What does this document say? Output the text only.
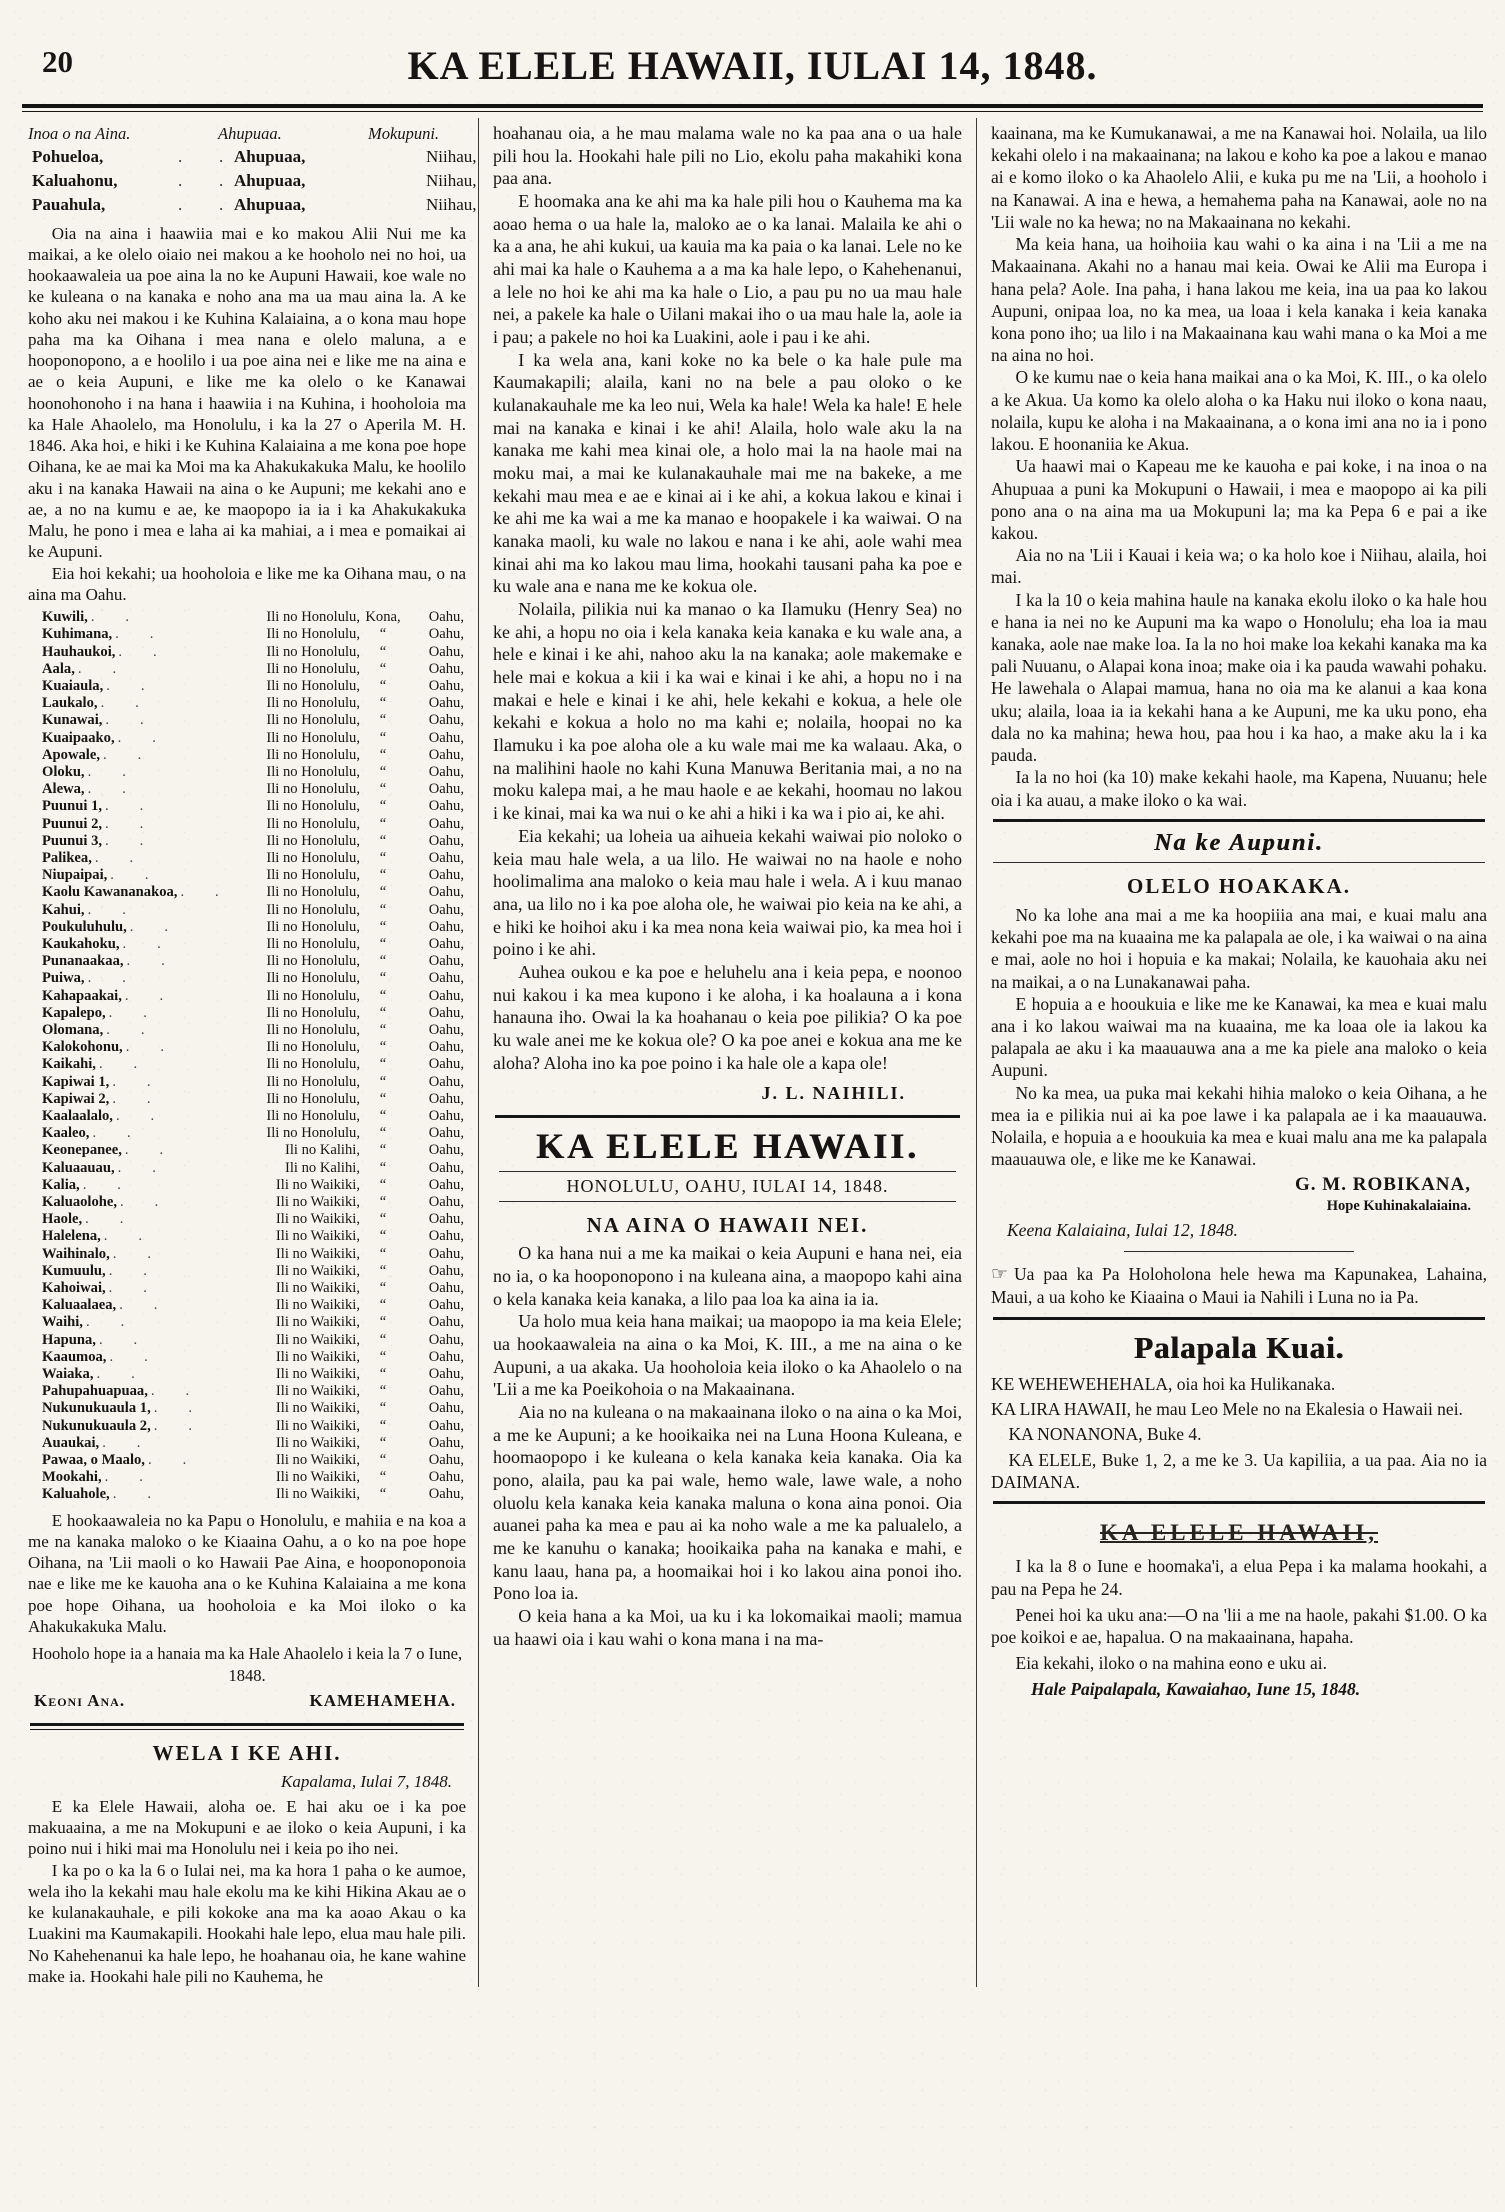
20	KA ELELE HAWAII, IULAI 14, 1848.
Inoa o na Aina.	Ahupuaa.	Mokupuni.
Pohueloa, .   .	Ahupuaa,	Niihau,
Kaluahonu, .   .	Ahupuaa,	Niihau,
Pauahula, .   .	Ahupuaa,	Niihau,

Oia na aina i haawiia mai e ko makou Alii Nui me ka maikai, a ke olelo oiaio nei makou a ke hooholo nei no hoi, ua hookaawaleia ua poe aina la no ke Aupuni Hawaii, koe wale no ke kuleana o na kanaka e noho ana ma ua mau aina la. A ke koho aku nei makou i ke Kuhina Kalaiaina, a o kona mau hope paha ma ka Oihana i mea nana e olelo maluna, a e hooponopono, a e hoolilo i ua poe aina nei e like me na aina e ae o keia Aupuni, e like me ka olelo o ke Kanawai hoonohonoho i na hana i haawiia i na Kuhina, i hooholoia ma ka Hale Ahaolelo, ma Honolulu, i ka la 27 o Aperila M. H. 1846. Aka hoi, e hiki i ke Kuhina Kalaiaina a me kona poe hope Oihana, ke ae mai ka Moi ma ka Ahakukakuka Malu, ke hoolilo aku i na kanaka Hawaii na aina o ke Aupuni; me kekahi ano e ae, a no na kumu e ae, ke maopopo ia ia i ka Ahakukakuka Malu, he pono i mea e laha ai ka mahiai, a i mea e pomaikai ai ke Aupuni.

Eia hoi kekahi; ua hooholoia e like me ka Oihana mau, o na aina ma Oahu.

Kuwili, .   .	Ili no Honolulu, Kona,	Oahu,
Kuhimana, .   .	Ili no Honolulu,	“	Oahu,
Hauhaukoi, .   .	Ili no Honolulu,	“	Oahu,
Aala, .   .	Ili no Honolulu,	“	Oahu,
Kuaiaula, .   .	Ili no Honolulu,	“	Oahu,
Laukalo, .   .	Ili no Honolulu,	“	Oahu,
Kunawai, .   .	Ili no Honolulu,	“	Oahu,
Kuaipaako, .   .	Ili no Honolulu,	“	Oahu,
Apowale, .   .	Ili no Honolulu,	“	Oahu,
Oloku, .   .	Ili no Honolulu,	“	Oahu,
Alewa, .   .	Ili no Honolulu,	“	Oahu,
Puunui 1, .   .	Ili no Honolulu,	“	Oahu,
Puunui 2, .   .	Ili no Honolulu,	“	Oahu,
Puunui 3, .   .	Ili no Honolulu,	“	Oahu,
Palikea, .   .	Ili no Honolulu,	“	Oahu,
Niupaipai, .   .	Ili no Honolulu,	“	Oahu,
Kaolu Kawananakoa, .   .	Ili no Honolulu,	“	Oahu,
Kahui, .   .	Ili no Honolulu,	“	Oahu,
Poukuluhulu, .   .	Ili no Honolulu,	“	Oahu,
Kaukahoku, .   .	Ili no Honolulu,	“	Oahu,
Punanaakaa, .   .	Ili no Honolulu,	“	Oahu,
Puiwa, .   .	Ili no Honolulu,	“	Oahu,
Kahapaakai, .   .	Ili no Honolulu,	“	Oahu,
Kapalepo, .   .	Ili no Honolulu,	“	Oahu,
Olomana, .   .	Ili no Honolulu,	“	Oahu,
Kalokohonu, .   .	Ili no Honolulu,	“	Oahu,
Kaikahi, .   .	Ili no Honolulu,	“	Oahu,
Kapiwai 1, .   .	Ili no Honolulu,	“	Oahu,
Kapiwai 2, .   .	Ili no Honolulu,	“	Oahu,
Kaalaalalo, .   .	Ili no Honolulu,	“	Oahu,
Kaaleo, .   .	Ili no Honolulu,	“	Oahu,
Keonepanee, .   .	Ili no Kalihi,	“	Oahu,
Kaluaauau, .   .	Ili no Kalihi,	“	Oahu,
Kalia, .   .	Ili no Waikiki,	“	Oahu,
Kaluaolohe, .   .	Ili no Waikiki,	“	Oahu,
Haole, .   .	Ili no Waikiki,	“	Oahu,
Halelena, .   .	Ili no Waikiki,	“	Oahu,
Waihinalo, .   .	Ili no Waikiki,	“	Oahu,
Kumuulu, .   .	Ili no Waikiki,	“	Oahu,
Kahoiwai, .   .	Ili no Waikiki,	“	Oahu,
Kaluaalaea, .   .	Ili no Waikiki,	“	Oahu,
Waihi, .   .	Ili no Waikiki,	“	Oahu,
Hapuna, .   .	Ili no Waikiki,	“	Oahu,
Kaaumoa, .   .	Ili no Waikiki,	“	Oahu,
Waiaka, .   .	Ili no Waikiki,	“	Oahu,
Pahupahuapuaa, .   .	Ili no Waikiki,	“	Oahu,
Nukunukuaula 1, .   .	Ili no Waikiki,	“	Oahu,
Nukunukuaula 2, .   .	Ili no Waikiki,	“	Oahu,
Auaukai, .   .	Ili no Waikiki,	“	Oahu,
Pawaa, o Maalo, .   .	Ili no Waikiki,	“	Oahu,
Mookahi, .   .	Ili no Waikiki,	“	Oahu,
Kaluahole, .   .	Ili no Waikiki,	“	Oahu,

E hookaawaleia no ka Papu o Honolulu, e mahiia e na koa a me na kanaka maloko o ke Kiaaina Oahu, a o ko na poe hope Oihana, na 'Lii maoli o ko Hawaii Pae Aina, e hooponoponoia nae e like me ke kauoha ana o ke Kuhina Kalaiaina a me kona poe hope Oihana, ua hooholoia e ka Moi iloko o ka Ahakukakuka Malu.

Hooholo hope ia a hanaia ma ka Hale Ahaolelo i keia la 7 o Iune, 1848.

Keoni Ana.	KAMEHAMEHA.
WELA I KE AHI.

Kapalama, Iulai 7, 1848.

E ka Elele Hawaii, aloha oe. E hai aku oe i ka poe makuaaina, a me na Mokupuni e ae iloko o keia Aupuni, i ka poino nui i hiki mai ma Honolulu nei i keia po iho nei.

I ka po o ka la 6 o Iulai nei, ma ka hora 1 paha o ke aumoe, wela iho la kekahi mau hale ekolu ma ke kihi Hikina Akau ae o ke kulanakauhale, e pili kokoke ana ma ka aoao Akau o ka Luakini ma Kaumakapili. Hookahi hale lepo, elua mau hale pili. No Kahehenanui ka hale lepo, he hoahanau oia, he kane wahine make ia. Hookahi hale pili no Kauhema, he

hoahanau oia, a he mau malama wale no ka paa ana o ua hale pili hou la. Hookahi hale pili no Lio, ekolu paha makahiki kona paa ana.

E hoomaka ana ke ahi ma ka hale pili hou o Kauhema ma ka aoao hema o ua hale la, maloko ae o ka lanai. Malaila ke ahi o ka a ana, he ahi kukui, ua kauia ma ka paia o ka lanai. Lele no ke ahi mai ka hale o Kauhema a a ma ka hale lepo, o Kahehenanui, a lele no hoi ke ahi ma ka hale o Lio, a pau pu no ua mau hale nei, a pakele ka hale o Uilani makai iho o ua mau hale la, aole ia i pau; a pakele no hoi ka Luakini, aole i pau i ke ahi.

I ka wela ana, kani koke no ka bele o ka hale pule ma Kaumakapili; alaila, kani no na bele a pau oloko o ke kulanakauhale me ka leo nui, Wela ka hale! Wela ka hale! E hele mai na kanaka e kinai i ke ahi! Alaila, holo wale aku la na kanaka me kahi mea kinai ole, a holo mai la na haole mai na moku mai, a mai ke kulanakauhale mai me na bakeke, a me kekahi mau mea e ae e kinai ai i ke ahi, a kokua lakou e kinai i ke ahi me ka wai a me ka manao e hoopakele i ka waiwai. O na kanaka maoli, ku wale no lakou e nana i ke ahi, aole wahi mea kinai ahi ma ko lakou mau lima, hookahi tausani paha ka poe e ku wale ana e nana me ke kokua ole.

Nolaila, pilikia nui ka manao o ka Ilamuku (Henry Sea) no ke ahi, a hopu no oia i kela kanaka keia kanaka e ku wale ana, a hele e kinai i ke ahi, nahoo aku la na kanaka; aole makemake e hele mai e kokua a kii i ka wai e kinai i ke ahi, a hopu no i na makai e hele e kinai i ke ahi, hele kekahi e kokua, a hele ole kekahi e kokua a holo no ma kahi e; nolaila, hoopai no ka Ilamuku i ka poe aloha ole a ku wale mai me ka walaau. Aka, o na malihini haole no kahi Kuna Manuwa Beritania mai, a no na moku kalepa mai, a he mau haole e ae kekahi, hoomau no lakou i ke kinai, mai ka wa nui o ke ahi a hiki i ka wa i pio ai, ke ahi.

Eia kekahi; ua loheia ua aihueia kekahi waiwai pio noloko o keia mau hale wela, a ua lilo. He waiwai no na haole e noho hoolimalima ana maloko o keia mau hale i wela. A i kuu manao ana, ua lilo no i ka poe aloha ole, he waiwai pio keia na ke ahi, a e hiki ke hoihoi aku i ka mea nona keia waiwai pio, ka mea hoi i poino i ke ahi.

Auhea oukou e ka poe e heluhelu ana i keia pepa, e noonoo nui kakou i ka mea kupono i ke aloha, i ka hoalauna a i kona hanauna iho. Owai la ka hoahanau o keia poe pilikia? O ka poe ku wale anei me ke kokua ole? O ka poe anei e kokua ana me ke aloha? Aloha ino ka poe poino i ka hale ole a kapa ole!

J. L. NAIHILI.

KA ELELE HAWAII.
HONOLULU, OAHU, IULAI 14, 1848.
NA AINA O HAWAII NEI.

O ka hana nui a me ka maikai o keia Aupuni e hana nei, eia no ia, o ka hooponopono i na kuleana aina, a maopopo kahi aina o kela kanaka keia kanaka, a lilo paa loa ka aina ia ia.

Ua holo mua keia hana maikai; ua maopopo ia ma keia Elele; ua hookaawaleia na aina o ka Moi, K. III., a me na aina o ke Aupuni, a ua akaka. Ua hooholoia keia iloko o ka Ahaolelo o na 'Lii a me ka Poeikohoia o na Makaainana.

Aia no na kuleana o na makaainana iloko o na aina o ka Moi, a me ke Aupuni; a ke hooikaika nei na Luna Hoona Kuleana, e hoomaopopo i ke kuleana o kela kanaka keia kanaka. Oia ka pono, alaila, pau ka pai wale, hemo wale, lawe wale, a noho oluolu kela kanaka keia kanaka maluna o kona aina ponoi. Oia auanei paha ka mea e pau ai ka noho wale a me ka palualelo, a me ke kanuhu o kanaka; hooikaika paha na kanaka e mahi, e kanu laau, hana pa, a hoomaikai hoi i ko lakou aina ponoi iho. Pono loa ia.

O keia hana a ka Moi, ua ku i ka lokomaikai maoli; mamua ua haawi oia i kau wahi o kona mana i na ma-

kaainana, ma ke Kumukanawai, a me na Kanawai hoi. Nolaila, ua lilo kekahi olelo i na makaainana; na lakou e koho ka poe a lakou e manao ai e komo iloko o ka Ahaolelo Alii, e kuka pu me na 'Lii, a hooholo i na Kanawai. A ina e hewa, a hemahema paha na Kanawai, aole no na 'Lii wale no ka hewa; no na Makaainana no kekahi.

Ma keia hana, ua hoihoiia kau wahi o ka aina i na 'Lii a me na Makaainana. Akahi no a hanau mai keia. Owai ke Alii ma Europa i hana pela? Aole. Ina paha, i hana lakou me keia, ina ua paa ko lakou Aupuni, onipaa loa, no ka mea, ua loaa i kela kanaka i keia kanaka kona pono iho; ua lilo i na Makaainana kau wahi mana o ka Moi a me na aina no hoi.

O ke kumu nae o keia hana maikai ana o ka Moi, K. III., o ka olelo a ke Akua. Ua komo ka olelo aloha o ka Haku nui iloko o kona naau, nolaila, kupu ke aloha i na Makaainana, a o kona imi ana no ia i pono lakou. E hoonaniia ke Akua.

Ua haawi mai o Kapeau me ke kauoha e pai koke, i na inoa o na Ahupuaa a puni ka Mokupuni o Hawaii, i mea e maopopo ai ka pili pono ana o na aina ma ua Mokupuni la; ma ka Pepa 6 e pai a ike kakou.

Aia no na 'Lii i Kauai i keia wa; o ka holo koe i Niihau, alaila, hoi mai.

I ka la 10 o keia mahina haule na kanaka ekolu iloko o ka hale hou e hana ia nei no ke Aupuni ma ka wapo o Honolulu; eha loa ia mau kanaka, aole nae make loa. Ia la no hoi make loa kekahi kanaka ma ka pali Nuuanu, o Alapai kona inoa; make oia i ka pauda wawahi pohaku. He lawehala o Alapai mamua, hana no oia ma ke alanui a kaa kona uku; alaila, loaa ia ia kekahi hana a ke Aupuni, me ka uku pono, eha dala no ka mahina; hewa hou, paa hou i ka hao, a make aku la i ka pauda.

Ia la no hoi (ka 10) make kekahi haole, ma Kapena, Nuuanu; hele oia i ka auau, a make iloko o ka wai.

Na ke Aupuni.
OLELO HOAKAKA.

No ka lohe ana mai a me ka hoopiiia ana mai, e kuai malu ana kekahi poe ma na kuaaina me ka palapala ae ole, i ka waiwai o na aina e mai, aole no hoi i hopuia e ka makai; Nolaila, ke kauohaia aku nei na maikai, a o na Lunakanawai paha.

E hopuia a e hooukuia e like me ke Kanawai, ka mea e kuai malu ana i ko lakou waiwai ma na kuaaina, me ka loaa ole ia lakou ka palapala ae aku i ka maauauwa ana a me ka piele ana maloko o keia Aupuni.

No ka mea, ua puka mai kekahi hihia maloko o keia Oihana, a he mea ia e pilikia nui ai ka poe lawe i ka palapala ae i ka maauauwa. Nolaila, e hopuia a e hooukuia ka mea e kuai malu ana me ka palapala maauauwa ole, e like me ke Kanawai.

G. M. ROBIKANA,
Hope Kuhinakalaiaina.

Keena Kalaiaina, Iulai 12, 1848.

☞ Ua paa ka Pa Holoholona hele hewa ma Kapunakea, Lahaina, Maui, a ua koho ke Kiaaina o Maui ia Nahili i Luna no ia Pa.

Palapala Kuai.

KE WEHEWEHEHALA, oia hoi ka Hulikanaka.

KA LIRA HAWAII, he mau Leo Mele no na Ekalesia o Hawaii nei.

KA NONANONA, Buke 4.

KA ELELE, Buke 1, 2, a me ke 3. Ua kapiliia, a ua paa. Aia no ia DAIMANA.

KA ELELE HAWAII,

I ka la 8 o Iune e hoomaka'i, a elua Pepa i ka malama hookahi, a pau na Pepa he 24.

Penei hoi ka uku ana:—O na 'lii a me na haole, pakahi $1.00. O ka poe koikoi e ae, hapalua. O na makaainana, hapaha.

Eia kekahi, iloko o na mahina eono e uku ai.

Hale Paipalapala, Kawaiahao, Iune 15, 1848.
